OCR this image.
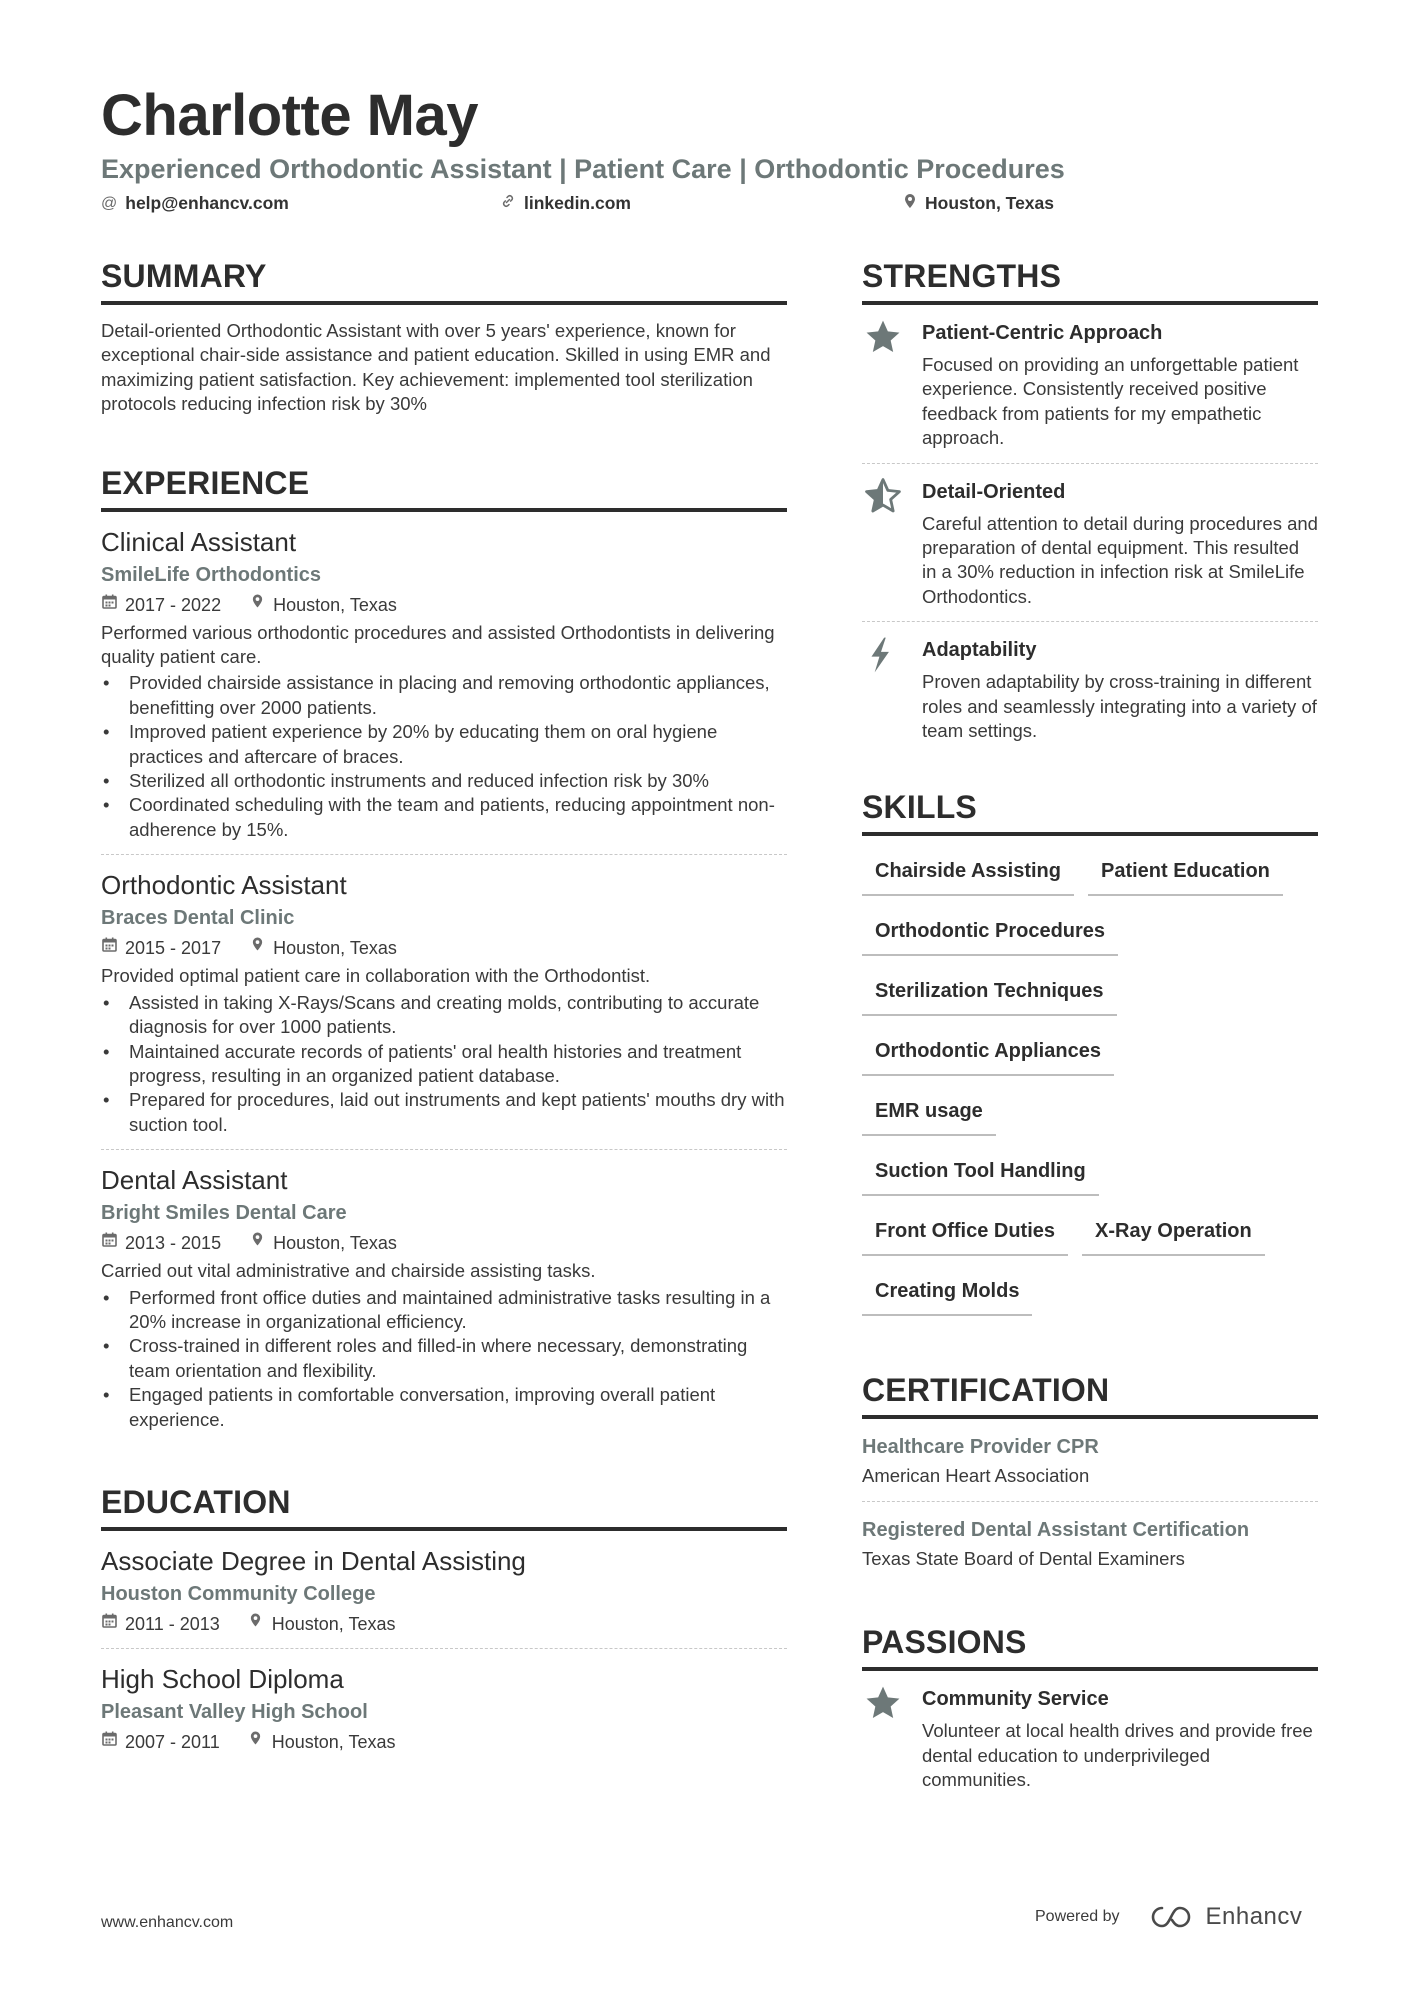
Charlotte May
Experienced Orthodontic Assistant | Patient Care | Orthodontic Procedures
@ help@enhancv.com	linkedin.com	Houston, Texas
SUMMARY
Detail-oriented Orthodontic Assistant with over 5 years' experience, known for exceptional chair-side assistance and patient education. Skilled in using EMR and maximizing patient satisfaction. Key achievement: implemented tool sterilization protocols reducing infection risk by 30%
EXPERIENCE
Clinical Assistant
SmileLife Orthodontics
2017 - 2022	Houston, Texas
Performed various orthodontic procedures and assisted Orthodontists in delivering quality patient care.
• Provided chairside assistance in placing and removing orthodontic appliances, benefitting over 2000 patients.
• Improved patient experience by 20% by educating them on oral hygiene practices and aftercare of braces.
• Sterilized all orthodontic instruments and reduced infection risk by 30%
• Coordinated scheduling with the team and patients, reducing appointment non-adherence by 15%.
Orthodontic Assistant
Braces Dental Clinic
2015 - 2017	Houston, Texas
Provided optimal patient care in collaboration with the Orthodontist.
• Assisted in taking X-Rays/Scans and creating molds, contributing to accurate diagnosis for over 1000 patients.
• Maintained accurate records of patients' oral health histories and treatment progress, resulting in an organized patient database.
• Prepared for procedures, laid out instruments and kept patients' mouths dry with suction tool.
Dental Assistant
Bright Smiles Dental Care
2013 - 2015	Houston, Texas
Carried out vital administrative and chairside assisting tasks.
• Performed front office duties and maintained administrative tasks resulting in a 20% increase in organizational efficiency.
• Cross-trained in different roles and filled-in where necessary, demonstrating team orientation and flexibility.
• Engaged patients in comfortable conversation, improving overall patient experience.
EDUCATION
Associate Degree in Dental Assisting
Houston Community College
2011 - 2013	Houston, Texas
High School Diploma
Pleasant Valley High School
2007 - 2011	Houston, Texas
STRENGTHS
Patient-Centric Approach
Focused on providing an unforgettable patient experience. Consistently received positive feedback from patients for my empathetic approach.
Detail-Oriented
Careful attention to detail during procedures and preparation of dental equipment. This resulted in a 30% reduction in infection risk at SmileLife Orthodontics.
Adaptability
Proven adaptability by cross-training in different roles and seamlessly integrating into a variety of team settings.
SKILLS
Chairside Assisting	Patient Education
Orthodontic Procedures
Sterilization Techniques
Orthodontic Appliances
EMR usage
Suction Tool Handling
Front Office Duties	X-Ray Operation
Creating Molds
CERTIFICATION
Healthcare Provider CPR
American Heart Association
Registered Dental Assistant Certification
Texas State Board of Dental Examiners
PASSIONS
Community Service
Volunteer at local health drives and provide free dental education to underprivileged communities.
www.enhancv.com	Powered by	Enhancv
